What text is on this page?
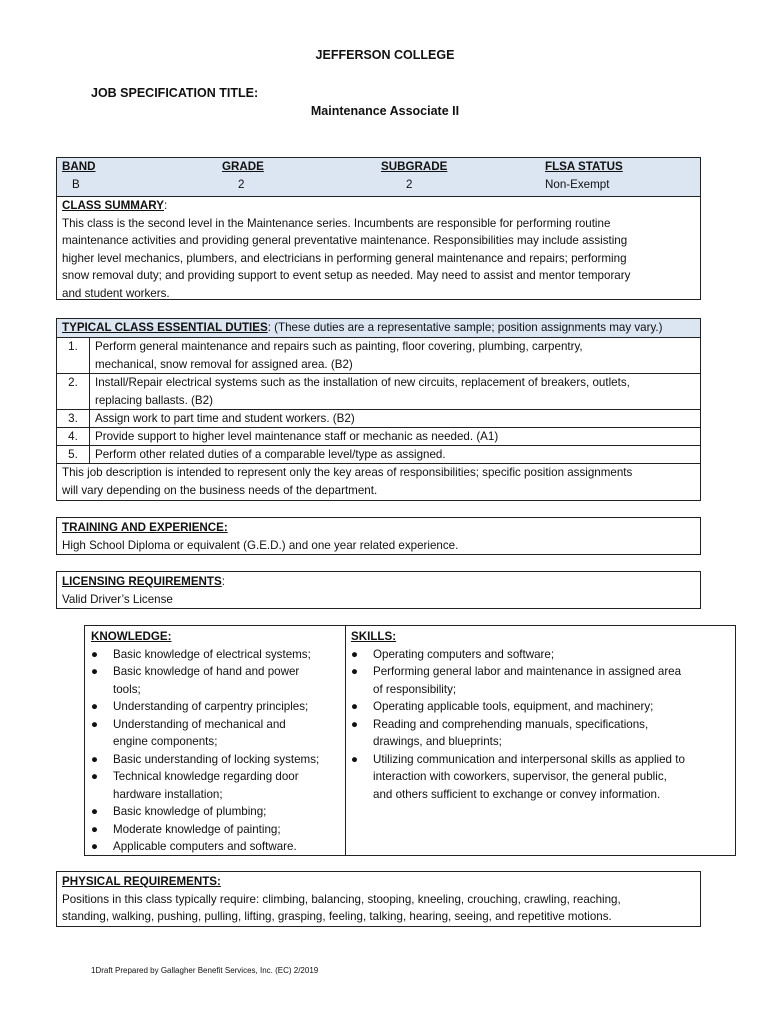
JEFFERSON COLLEGE
JOB SPECIFICATION TITLE:
Maintenance Associate II
BAND	GRADE	SUBGRADE	FLSA STATUS
B	2	2	Non-Exempt
CLASS SUMMARY:
This class is the second level in the Maintenance series. Incumbents are responsible for performing routine
maintenance activities and providing general preventative maintenance. Responsibilities may include assisting
higher level mechanics, plumbers, and electricians in performing general maintenance and repairs; performing
snow removal duty; and providing support to event setup as needed. May need to assist and mentor temporary
and student workers.
TYPICAL CLASS ESSENTIAL DUTIES: (These duties are a representative sample; position assignments may vary.)
1.	Perform general maintenance and repairs such as painting, floor covering, plumbing, carpentry,
mechanical, snow removal for assigned area. (B2)
2.	Install/Repair electrical systems such as the installation of new circuits, replacement of breakers, outlets,
replacing ballasts. (B2)
3.	Assign work to part time and student workers. (B2)
4.	Provide support to higher level maintenance staff or mechanic as needed. (A1)
5.	Perform other related duties of a comparable level/type as assigned.
This job description is intended to represent only the key areas of responsibilities; specific position assignments
will vary depending on the business needs of the department.
TRAINING AND EXPERIENCE:
High School Diploma or equivalent (G.E.D.) and one year related experience.
LICENSING REQUIREMENTS:
Valid Driver’s License
KNOWLEDGE:
●	Basic knowledge of electrical systems;
●	Basic knowledge of hand and power
tools;
●	Understanding of carpentry principles;
●	Understanding of mechanical and
engine components;
●	Basic understanding of locking systems;
●	Technical knowledge regarding door
hardware installation;
●	Basic knowledge of plumbing;
●	Moderate knowledge of painting;
●	Applicable computers and software.
SKILLS:
●	Operating computers and software;
●	Performing general labor and maintenance in assigned area
of responsibility;
●	Operating applicable tools, equipment, and machinery;
●	Reading and comprehending manuals, specifications,
drawings, and blueprints;
●	Utilizing communication and interpersonal skills as applied to
interaction with coworkers, supervisor, the general public,
and others sufficient to exchange or convey information.
PHYSICAL REQUIREMENTS:
Positions in this class typically require: climbing, balancing, stooping, kneeling, crouching, crawling, reaching,
standing, walking, pushing, pulling, lifting, grasping, feeling, talking, hearing, seeing, and repetitive motions.
1Draft Prepared by Gallagher Benefit Services, Inc. (EC) 2/2019
